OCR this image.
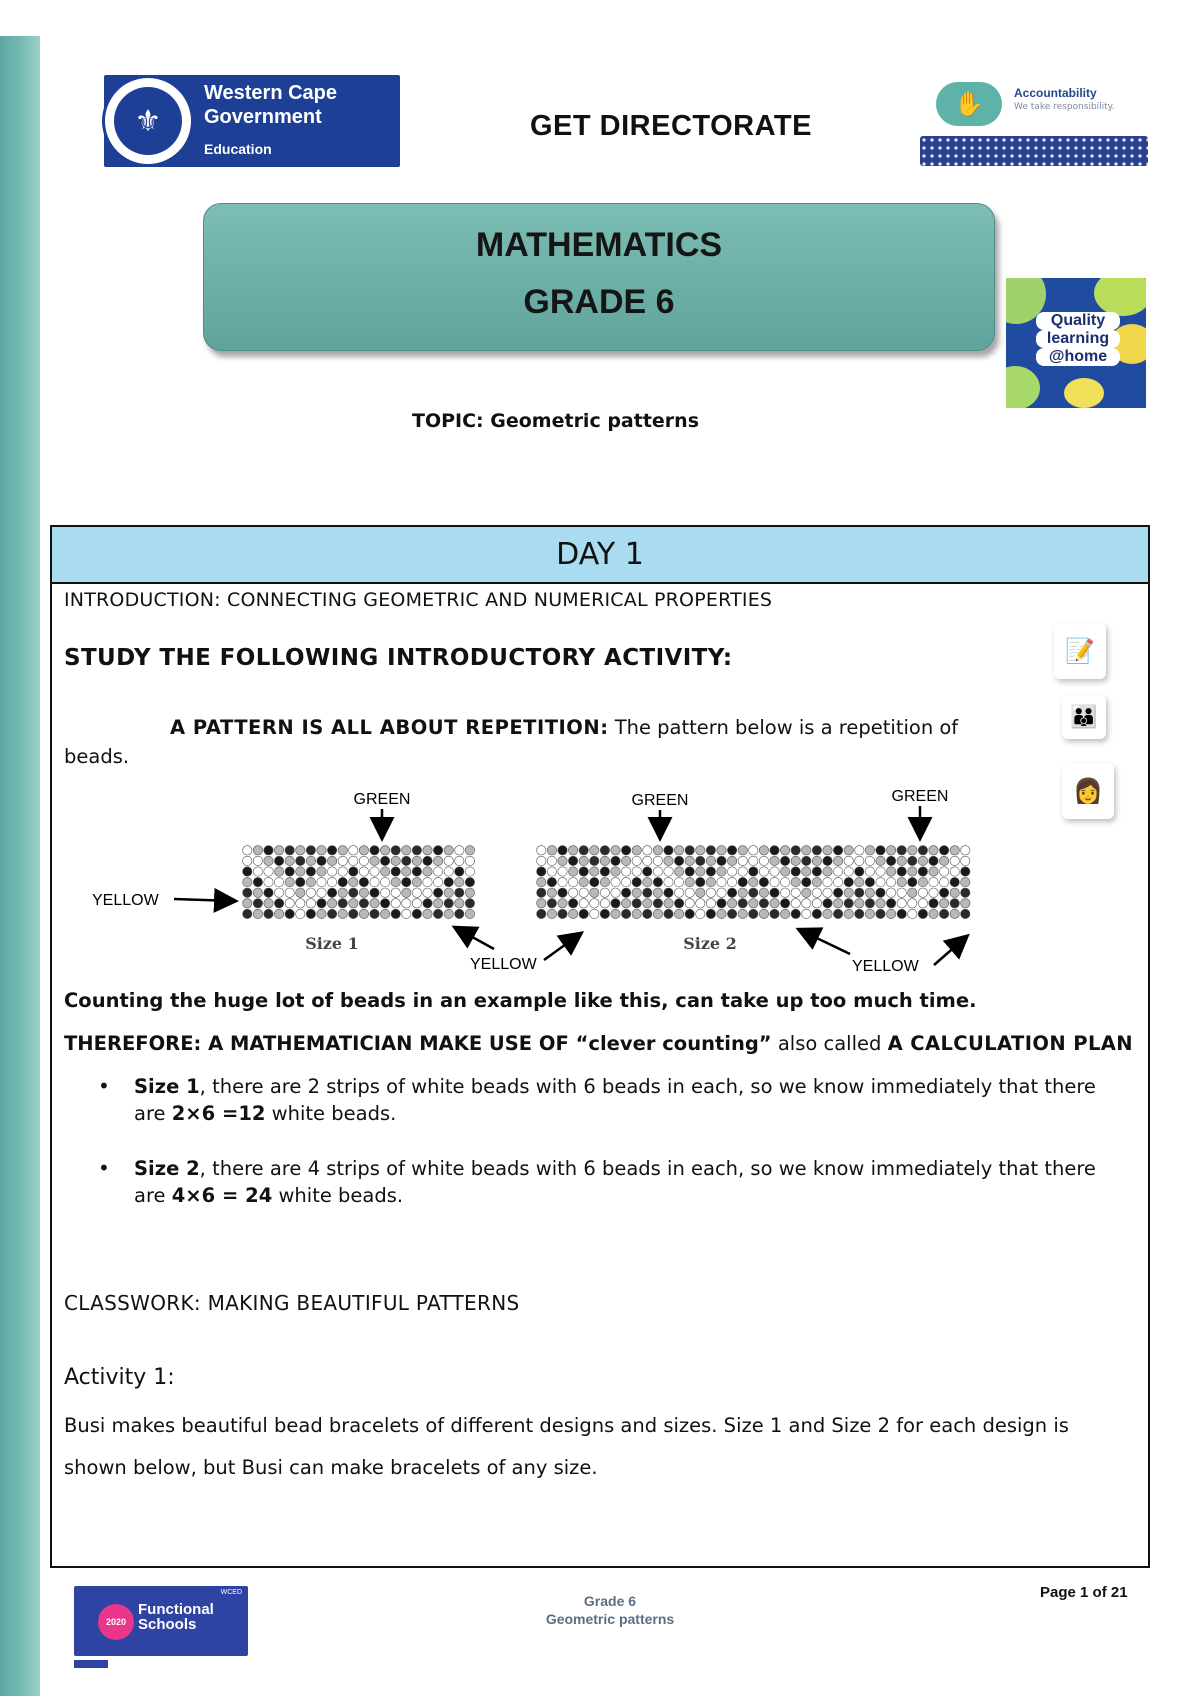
⚜
Western Cape
Government
Education
GET DIRECTORATE
✋	Accountability
We take responsibility.
MATHEMATICS
GRADE 6	Quality
learning
@home
TOPIC: Geometric patterns
DAY 1
INTRODUCTION: CONNECTING GEOMETRIC AND NUMERICAL PROPERTIES
STUDY THE FOLLOWING INTRODUCTORY ACTIVITY:	📝
👪
👩
A PATTERN IS ALL ABOUT REPETITION: The pattern below is a repetition of beads.
GREEN	GREEN	GREEN
YELLOW
YELLOW	YELLOW
Size 1	Size 2
Counting the huge lot of beads in an example like this, can take up too much time.
THEREFORE: A MATHEMATICIAN MAKE USE OF “clever counting” also called A CALCULATION PLAN
• Size 1, there are 2 strips of white beads with 6 beads in each, so we know immediately that there are 2×6 =12 white beads.
• Size 2, there are 4 strips of white beads with 6 beads in each, so we know immediately that there are 4×6 = 24 white beads.
CLASSWORK: MAKING BEAUTIFUL PATTERNS
Activity 1:
Busi makes beautiful bead bracelets of different designs and sizes. Size 1 and Size 2 for each design is shown below, but Busi can make bracelets of any size.
WCED
2020
Functional
Schools
Grade 6
Geometric patterns
Page 1 of 21
